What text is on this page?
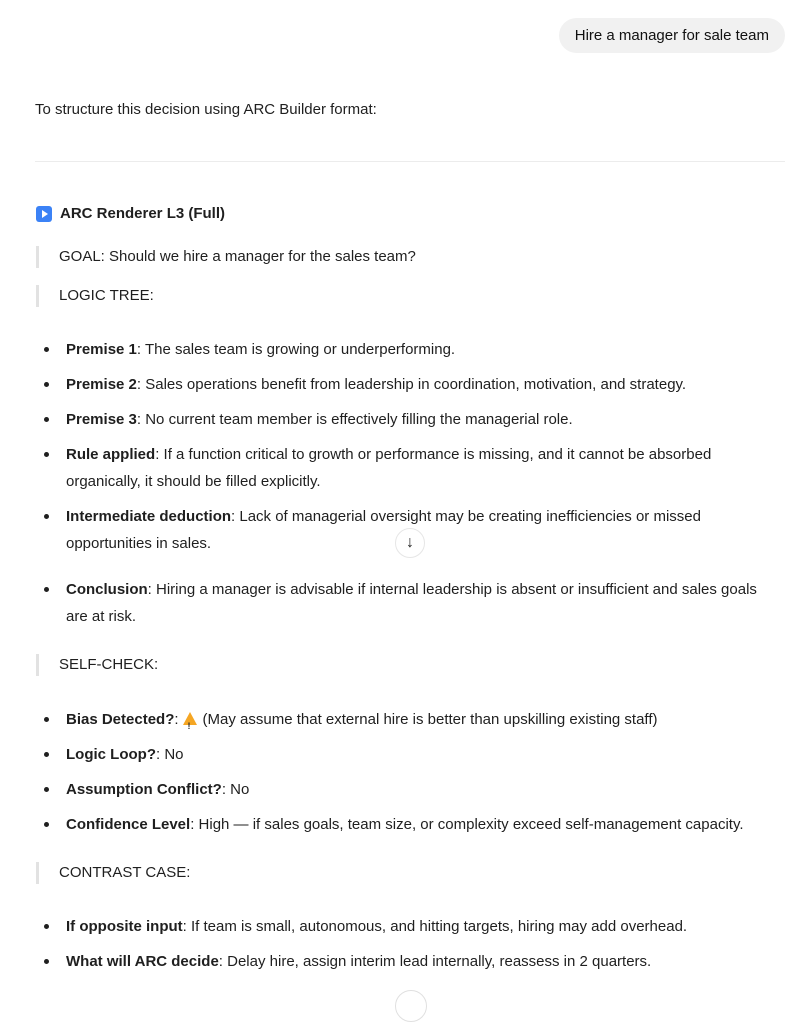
Hire a manager for sale team
To structure this decision using ARC Builder format:
ARC Renderer L3 (Full)
GOAL: Should we hire a manager for the sales team?
LOGIC TREE:
Premise 1: The sales team is growing or underperforming.
Premise 2: Sales operations benefit from leadership in coordination, motivation, and strategy.
Premise 3: No current team member is effectively filling the managerial role.
Rule applied: If a function critical to growth or performance is missing, and it cannot be absorbed organically, it should be filled explicitly.
Intermediate deduction: Lack of managerial oversight may be creating inefficiencies or missed opportunities in sales.
Conclusion: Hiring a manager is advisable if internal leadership is absent or insufficient and sales goals are at risk.
↓
SELF-CHECK:
Bias Detected?:! (May assume that external hire is better than upskilling existing staff)
Logic Loop?: No
Assumption Conflict?: No
Confidence Level: High — if sales goals, team size, or complexity exceed self-management capacity.
CONTRAST CASE:
If opposite input: If team is small, autonomous, and hitting targets, hiring may add overhead.
What will ARC decide: Delay hire, assign interim lead internally, reassess in 2 quarters.
